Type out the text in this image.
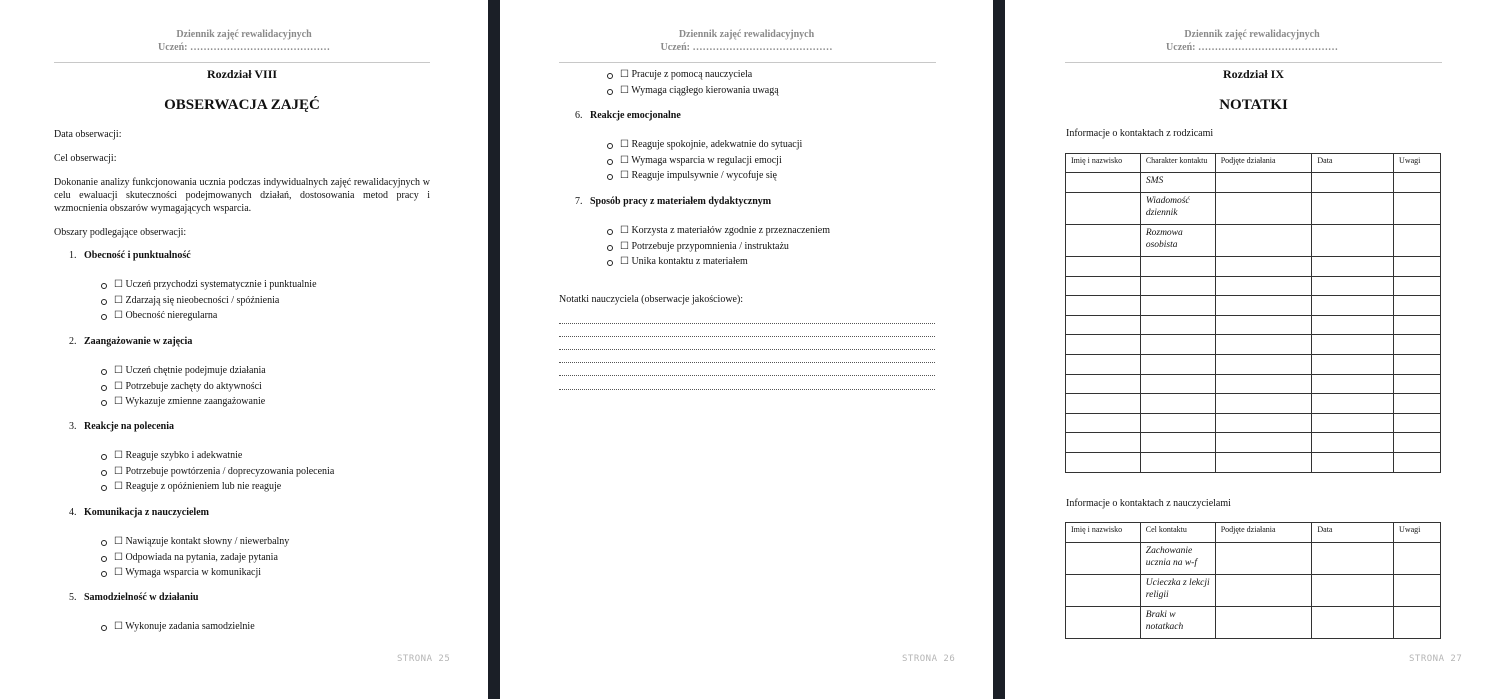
Dziennik zajęć rewalidacyjnych
Uczeń: ……………………………………
Rozdział VIII
OBSERWACJA ZAJĘĆ
Data obserwacji:
Cel obserwacji:
Dokonanie analizy funkcjonowania ucznia podczas indywidualnych zajęć rewalidacyjnych w celu ewaluacji skuteczności podejmowanych działań, dostosowania metod pracy i wzmocnienia obszarów wymagających wsparcia.
Obszary podlegające obserwacji:
1. Obecność i punktualność
☐ Uczeń przychodzi systematycznie i punktualnie
☐ Zdarzają się nieobecności / spóźnienia
☐ Obecność nieregularna
2. Zaangażowanie w zajęcia
☐ Uczeń chętnie podejmuje działania
☐ Potrzebuje zachęty do aktywności
☐ Wykazuje zmienne zaangażowanie
3. Reakcje na polecenia
☐ Reaguje szybko i adekwatnie
☐ Potrzebuje powtórzenia / doprecyzowania polecenia
☐ Reaguje z opóźnieniem lub nie reaguje
4. Komunikacja z nauczycielem
☐ Nawiązuje kontakt słowny / niewerbalny
☐ Odpowiada na pytania, zadaje pytania
☐ Wymaga wsparcia w komunikacji
5. Samodzielność w działaniu
☐ Wykonuje zadania samodzielnie
STRONA 25
Dziennik zajęć rewalidacyjnych
Uczeń: ……………………………………
☐ Pracuje z pomocą nauczyciela
☐ Wymaga ciągłego kierowania uwagą
6. Reakcje emocjonalne
☐ Reaguje spokojnie, adekwatnie do sytuacji
☐ Wymaga wsparcia w regulacji emocji
☐ Reaguje impulsywnie / wycofuje się
7. Sposób pracy z materiałem dydaktycznym
☐ Korzysta z materiałów zgodnie z przeznaczeniem
☐ Potrzebuje przypomnienia / instruktażu
☐ Unika kontaktu z materiałem
Notatki nauczyciela (obserwacje jakościowe):
STRONA 26
Dziennik zajęć rewalidacyjnych
Uczeń: ……………………………………
Rozdział IX
NOTATKI
Informacje o kontaktach z rodzicami
Imię i nazwisko	Charakter kontaktu	Podjęte działania	Data	Uwagi
	SMS			
	Wiadomość dziennik			
	Rozmowa osobista			

Informacje o kontaktach z nauczycielami
Imię i nazwisko	Cel kontaktu	Podjęte działania	Data	Uwagi
	Zachowanie ucznia na w-f			
	Ucieczka z lekcji religii			
	Braki w notatkach			
STRONA 27
